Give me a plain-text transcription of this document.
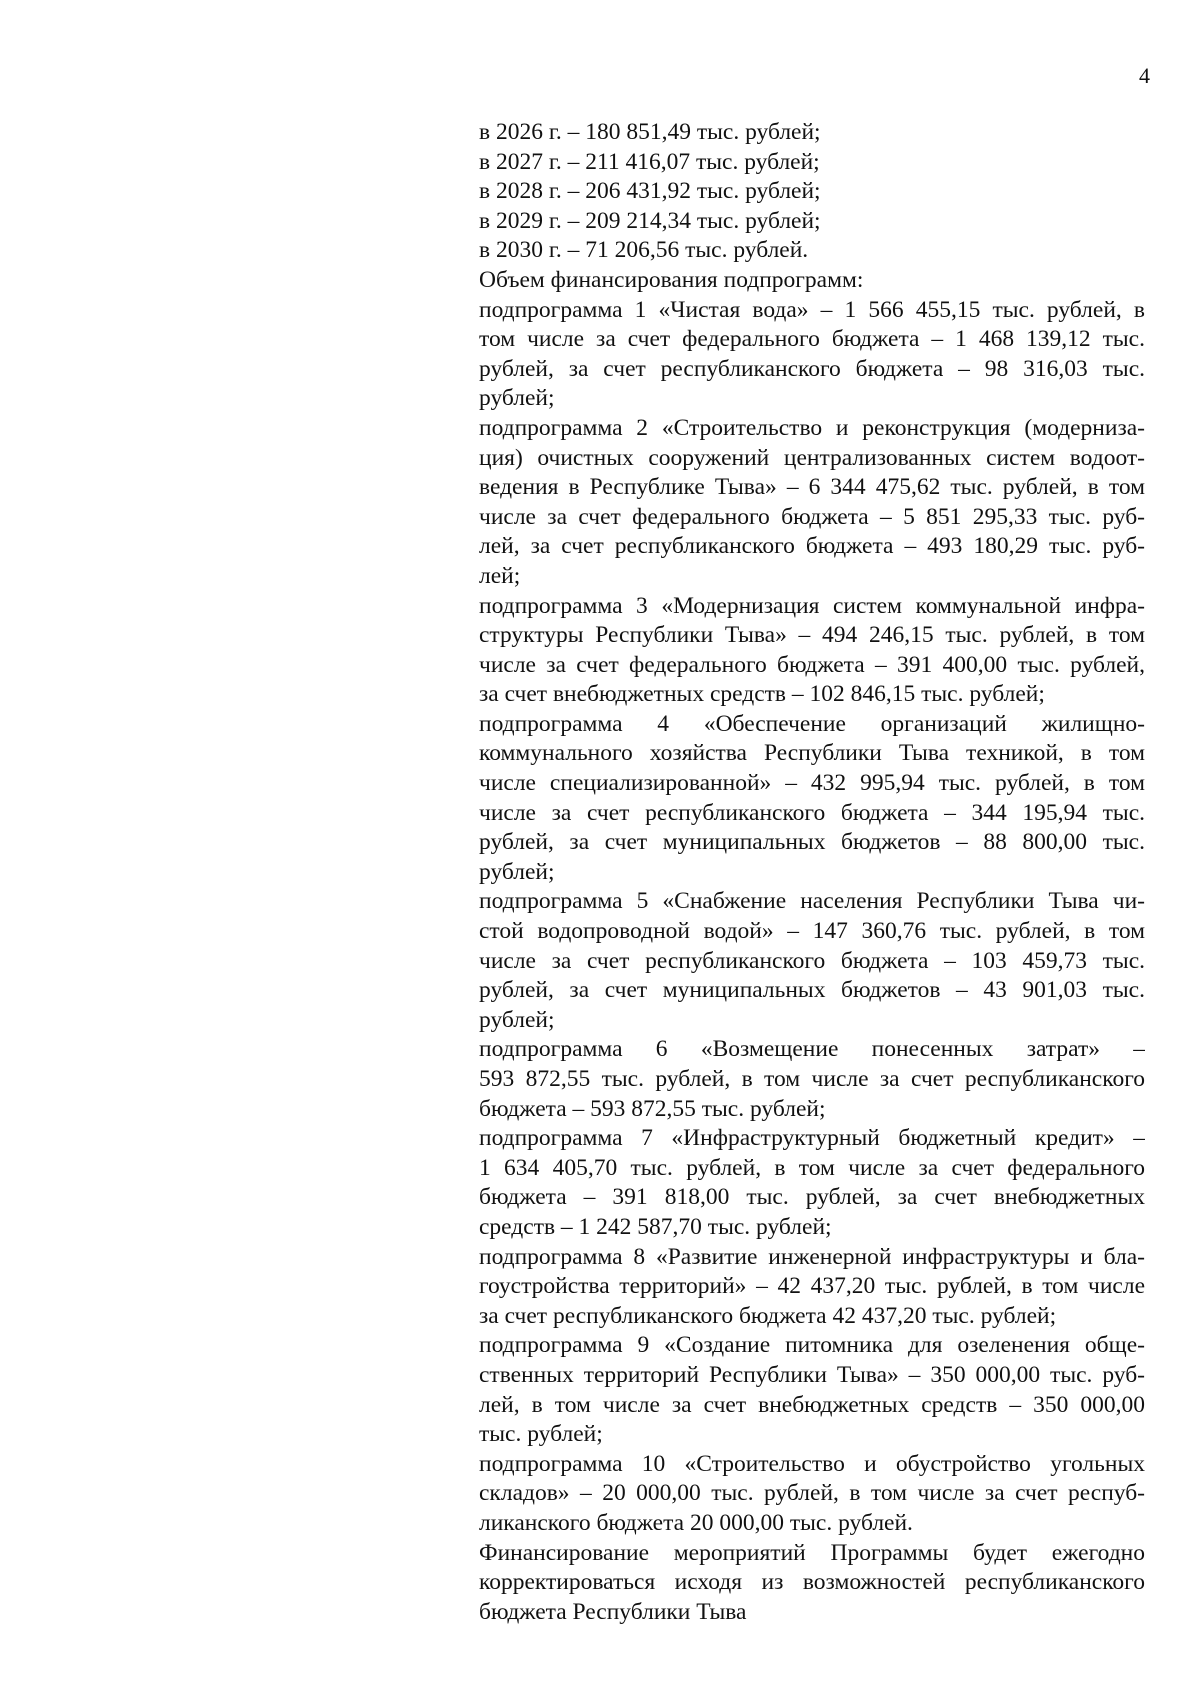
4
в 2026 г. – 180 851,49 тыс. рублей;
в 2027 г. – 211 416,07 тыс. рублей;
в 2028 г. – 206 431,92 тыс. рублей;
в 2029 г. – 209 214,34 тыс. рублей;
в 2030 г. – 71 206,56 тыс. рублей.
Объем финансирования подпрограмм:
подпрограмма 1 «Чистая вода» – 1 566 455,15 тыс. рублей, в
том числе за счет федерального бюджета – 1 468 139,12 тыс.
рублей, за счет республиканского бюджета – 98 316,03 тыс.
рублей;
подпрограмма 2 «Строительство и реконструкция (модерниза-
ция) очистных сооружений централизованных систем водоот-
ведения в Республике Тыва» – 6 344 475,62 тыс. рублей, в том
числе за счет федерального бюджета – 5 851 295,33 тыс. руб-
лей, за счет республиканского бюджета – 493 180,29 тыс. руб-
лей;
подпрограмма 3 «Модернизация систем коммунальной инфра-
структуры Республики Тыва» – 494 246,15 тыс. рублей, в том
числе за счет федерального бюджета – 391 400,00 тыс. рублей,
за счет внебюджетных средств – 102 846,15 тыс. рублей;
подпрограмма 4 «Обеспечение организаций жилищно-
коммунального хозяйства Республики Тыва техникой, в том
числе специализированной» – 432 995,94 тыс. рублей, в том
числе за счет республиканского бюджета – 344 195,94 тыс.
рублей, за счет муниципальных бюджетов – 88 800,00 тыс.
рублей;
подпрограмма 5 «Снабжение населения Республики Тыва чи-
стой водопроводной водой» – 147 360,76 тыс. рублей, в том
числе за счет республиканского бюджета – 103 459,73 тыс.
рублей, за счет муниципальных бюджетов – 43 901,03 тыс.
рублей;
подпрограмма 6 «Возмещение понесенных затрат» –
593 872,55 тыс. рублей, в том числе за счет республиканского
бюджета – 593 872,55 тыс. рублей;
подпрограмма 7 «Инфраструктурный бюджетный кредит» –
1 634 405,70 тыс. рублей, в том числе за счет федерального
бюджета – 391 818,00 тыс. рублей, за счет внебюджетных
средств – 1 242 587,70 тыс. рублей;
подпрограмма 8 «Развитие инженерной инфраструктуры и бла-
гоустройства территорий» – 42 437,20 тыс. рублей, в том числе
за счет республиканского бюджета 42 437,20 тыс. рублей;
подпрограмма 9 «Создание питомника для озеленения обще-
ственных территорий Республики Тыва» – 350 000,00 тыс. руб-
лей, в том числе за счет внебюджетных средств – 350 000,00
тыс. рублей;
подпрограмма 10 «Строительство и обустройство угольных
складов» – 20 000,00 тыс. рублей, в том числе за счет респуб-
ликанского бюджета 20 000,00 тыс. рублей.
Финансирование мероприятий Программы будет ежегодно
корректироваться исходя из возможностей республиканского
бюджета Республики Тыва
